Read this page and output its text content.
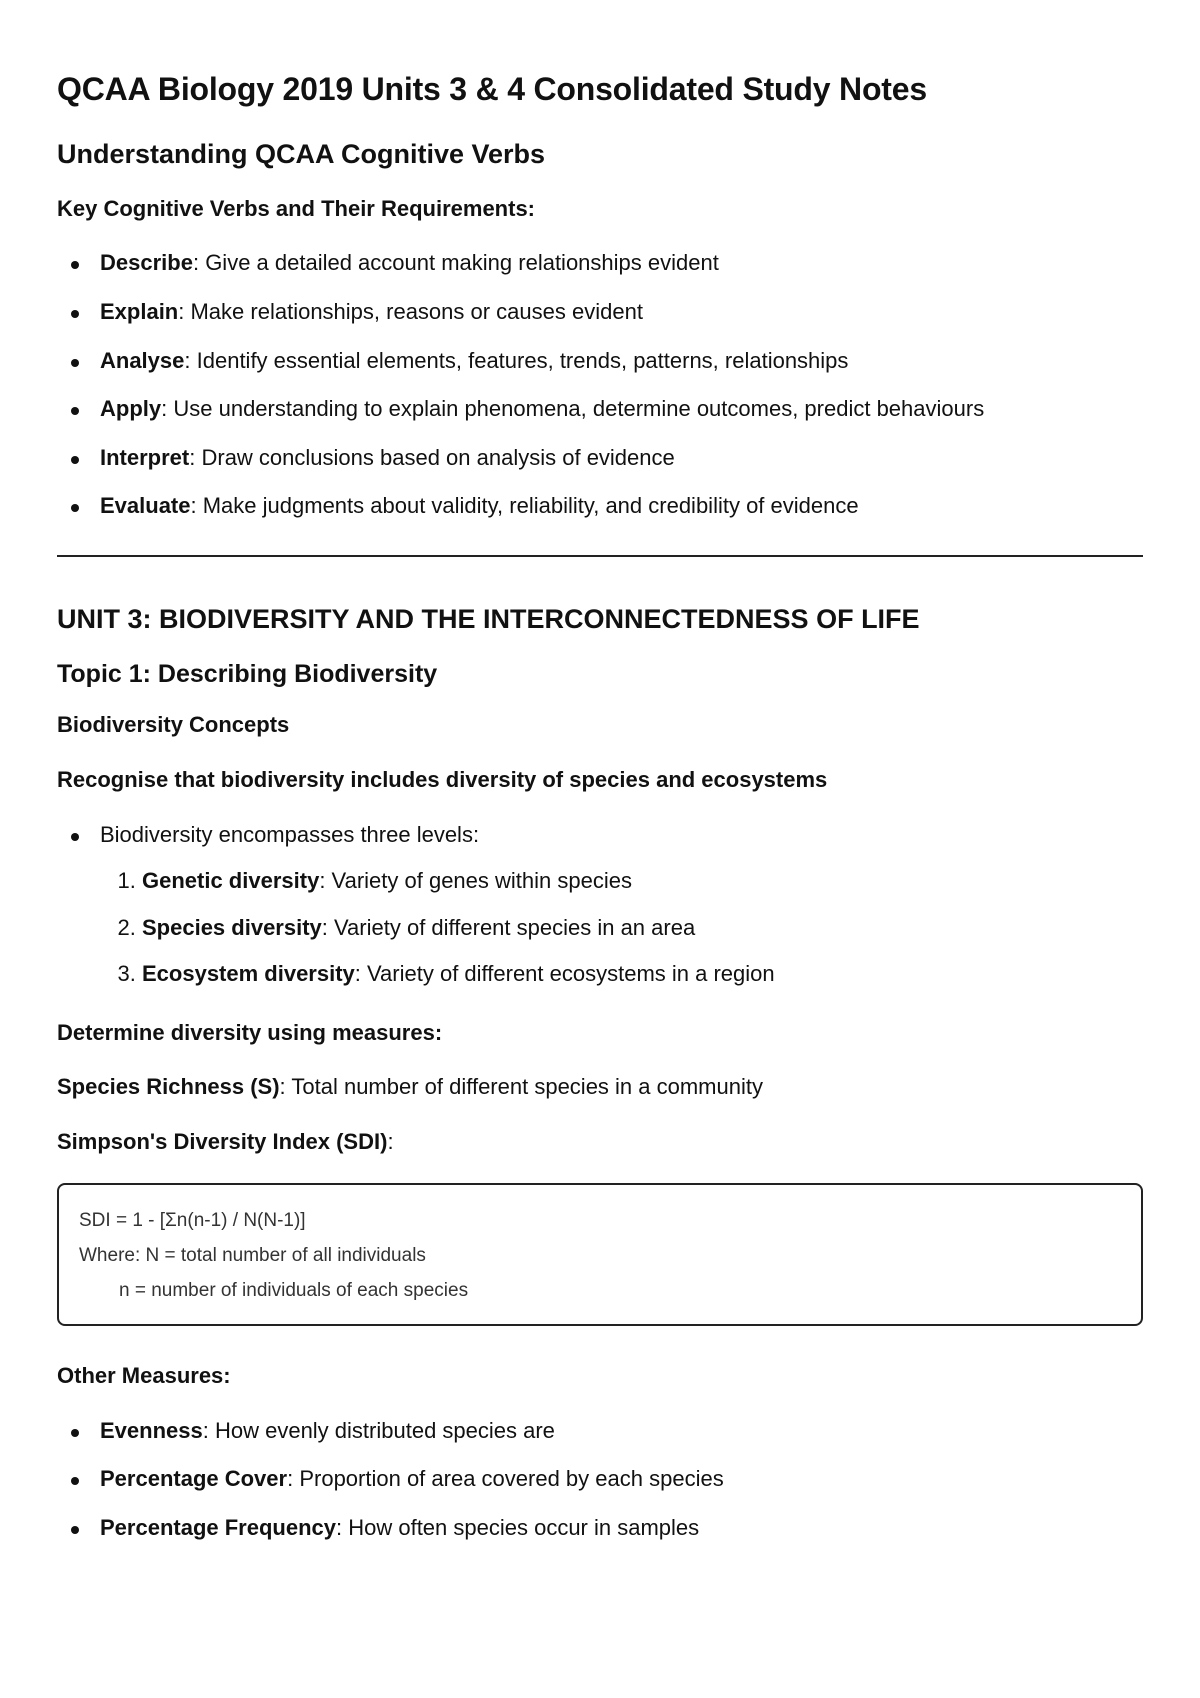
QCAA Biology 2019 Units 3 & 4 Consolidated Study Notes
Understanding QCAA Cognitive Verbs

Key Cognitive Verbs and Their Requirements:

Describe: Give a detailed account making relationships evident
Explain: Make relationships, reasons or causes evident
Analyse: Identify essential elements, features, trends, patterns, relationships
Apply: Use understanding to explain phenomena, determine outcomes, predict behaviours
Interpret: Draw conclusions based on analysis of evidence
Evaluate: Make judgments about validity, reliability, and credibility of evidence
UNIT 3: BIODIVERSITY AND THE INTERCONNECTEDNESS OF LIFE
Topic 1: Describing Biodiversity

Biodiversity Concepts

Recognise that biodiversity includes diversity of species and ecosystems

Biodiversity encompasses three levels:
1. Genetic diversity: Variety of genes within species
2. Species diversity: Variety of different species in an area
3. Ecosystem diversity: Variety of different ecosystems in a region

Determine diversity using measures:

Species Richness (S): Total number of different species in a community

Simpson's Diversity Index (SDI):

SDI = 1 - [Σn(n-1) / N(N-1)]
Where: N = total number of all individuals
n = number of individuals of each species

Other Measures:

Evenness: How evenly distributed species are
Percentage Cover: Proportion of area covered by each species
Percentage Frequency: How often species occur in samples
